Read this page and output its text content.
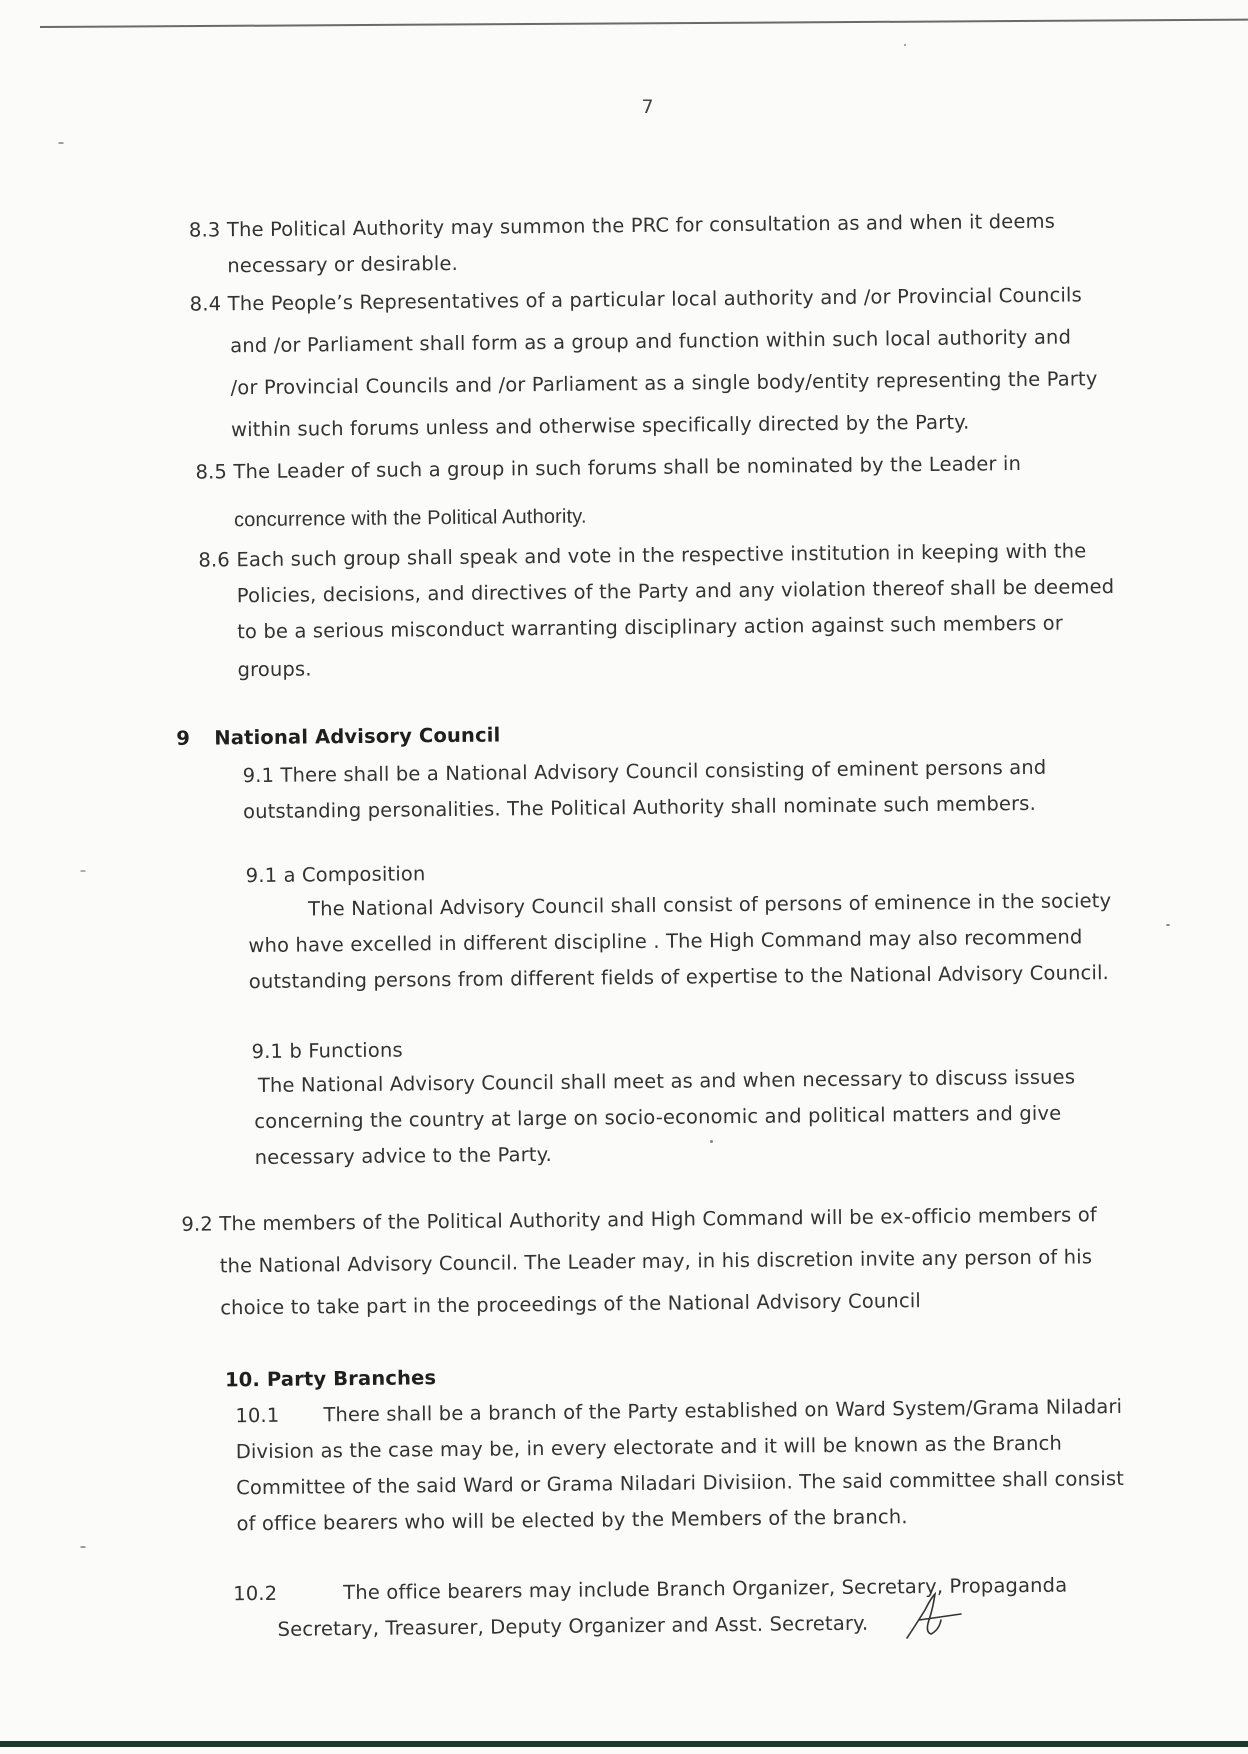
7
8.3 The Political Authority may summon the PRC for consultation as and when it deems
necessary or desirable.
8.4 The People’s Representatives of a particular local authority and /or Provincial Councils
and /or Parliament shall form as a group and function within such local authority and
/or Provincial Councils and /or Parliament as a single body/entity representing the Party
within such forums unless and otherwise specifically directed by the Party.
8.5 The Leader of such a group in such forums shall be nominated by the Leader in
concurrence with the Political Authority.
8.6 Each such group shall speak and vote in the respective institution in keeping with the
Policies, decisions, and directives of the Party and any violation thereof shall be deemed
to be a serious misconduct warranting disciplinary action against such members or
groups.
9 National Advisory Council
9.1 There shall be a National Advisory Council consisting of eminent persons and
outstanding personalities. The Political Authority shall nominate such members.
9.1 a Composition
The National Advisory Council shall consist of persons of eminence in the society
who have excelled in different discipline . The High Command may also recommend
outstanding persons from different fields of expertise to the National Advisory Council.
9.1 b Functions
The National Advisory Council shall meet as and when necessary to discuss issues
concerning the country at large on socio-economic and political matters and give
necessary advice to the Party.
9.2 The members of the Political Authority and High Command will be ex-officio members of
the National Advisory Council. The Leader may, in his discretion invite any person of his
choice to take part in the proceedings of the National Advisory Council
10. Party Branches
10.1 There shall be a branch of the Party established on Ward System/Grama Niladari
Division as the case may be, in every electorate and it will be known as the Branch
Committee of the said Ward or Grama Niladari Divisiion. The said committee shall consist
of office bearers who will be elected by the Members of the branch.
10.2	The office bearers may include Branch Organizer, Secretary, Propaganda
Secretary, Treasurer, Deputy Organizer and Asst. Secretary.
